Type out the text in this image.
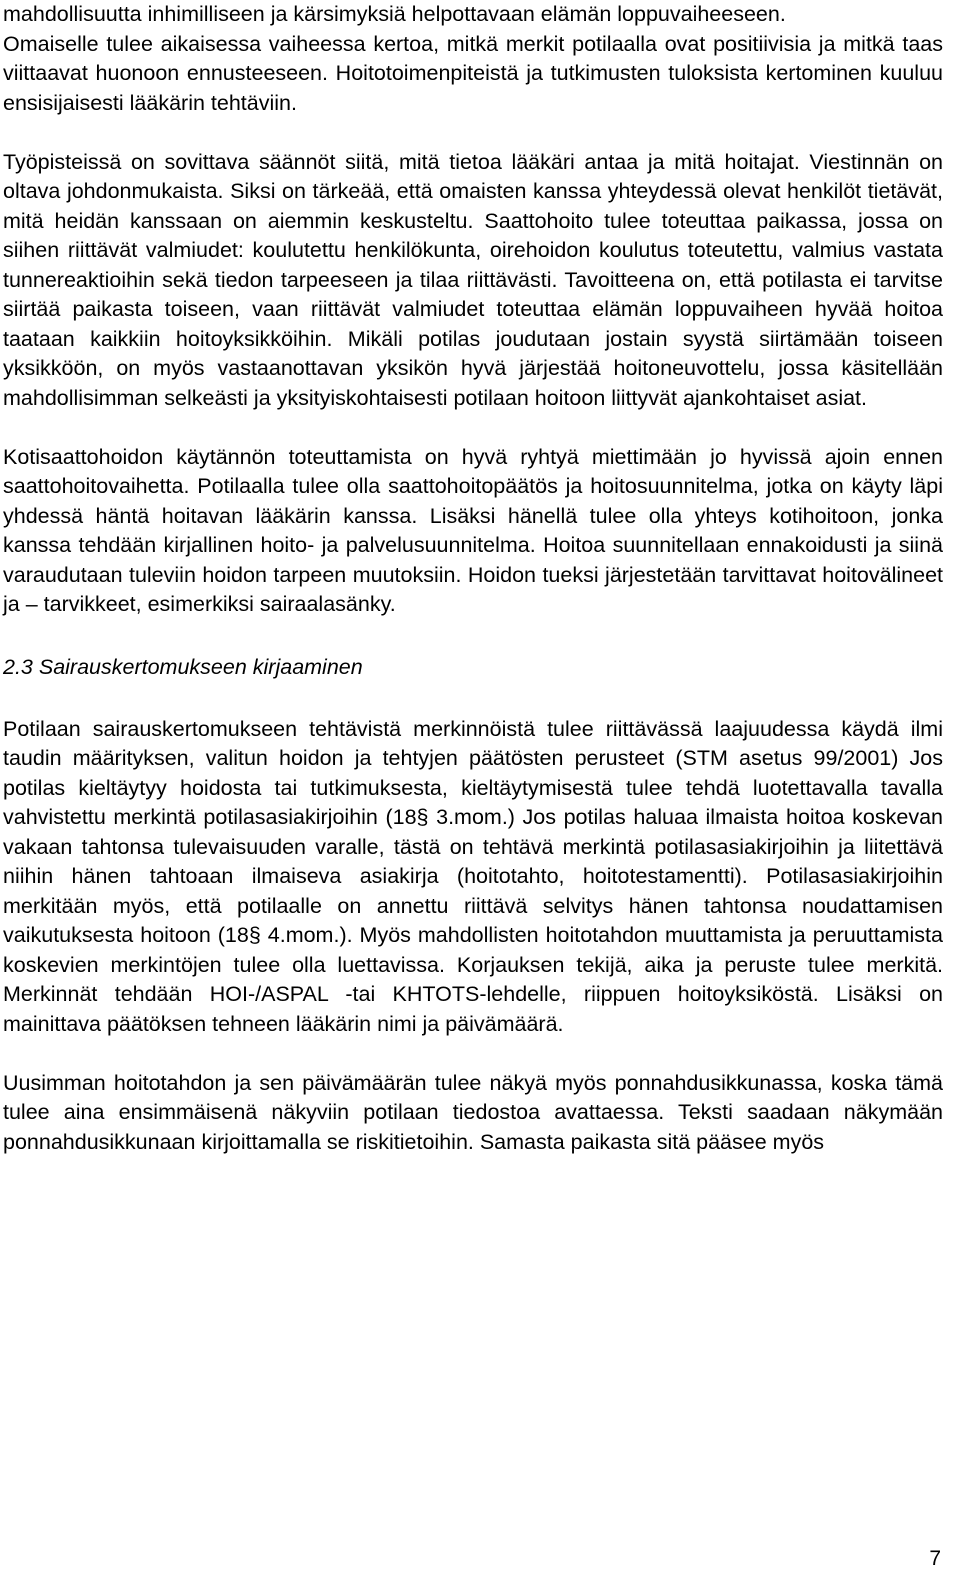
mahdollisuutta inhimilliseen ja kärsimyksiä helpottavaan elämän loppuvaiheeseen.

Omaiselle tulee aikaisessa vaiheessa kertoa, mitkä merkit potilaalla ovat positiivisia ja mitkä taas viittaavat huonoon ennusteeseen. Hoitotoimenpiteistä ja tutkimusten tuloksista kertominen kuuluu ensisijaisesti lääkärin tehtäviin.

Työpisteissä on sovittava säännöt siitä, mitä tietoa lääkäri antaa ja mitä hoitajat. Viestinnän on oltava johdonmukaista. Siksi on tärkeää, että omaisten kanssa yhteydessä olevat henkilöt tietävät, mitä heidän kanssaan on aiemmin keskusteltu. Saattohoito tulee toteuttaa paikassa, jossa on siihen riittävät valmiudet: koulutettu henkilökunta, oirehoidon koulutus toteutettu, valmius vastata tunnereaktioihin sekä tiedon tarpeeseen ja tilaa riittävästi. Tavoitteena on, että potilasta ei tarvitse siirtää paikasta toiseen, vaan riittävät valmiudet toteuttaa elämän loppuvaiheen hyvää hoitoa taataan kaikkiin hoitoyksikköihin. Mikäli potilas joudutaan jostain syystä siirtämään toiseen yksikköön, on myös vastaanottavan yksikön hyvä järjestää hoitoneuvottelu, jossa käsitellään mahdollisimman selkeästi ja yksityiskohtaisesti potilaan hoitoon liittyvät ajankohtaiset asiat.

Kotisaattohoidon käytännön toteuttamista on hyvä ryhtyä miettimään jo hyvissä ajoin ennen saattohoitovaihetta. Potilaalla tulee olla saattohoitopäätös ja hoitosuunnitelma, jotka on käyty läpi yhdessä häntä hoitavan lääkärin kanssa. Lisäksi hänellä tulee olla yhteys kotihoitoon, jonka kanssa tehdään kirjallinen hoito- ja palvelusuunnitelma. Hoitoa suunnitellaan ennakoidusti ja siinä varaudutaan tuleviin hoidon tarpeen muutoksiin. Hoidon tueksi järjestetään tarvittavat hoitovälineet ja – tarvikkeet, esimerkiksi sairaalasänky.

2.3 Sairauskertomukseen kirjaaminen

Potilaan sairauskertomukseen tehtävistä merkinnöistä tulee riittävässä laajuudessa käydä ilmi taudin määrityksen, valitun hoidon ja tehtyjen päätösten perusteet (STM asetus 99/2001) Jos potilas kieltäytyy hoidosta tai tutkimuksesta, kieltäytymisestä tulee tehdä luotettavalla tavalla vahvistettu merkintä potilasasiakirjoihin (18§ 3.mom.) Jos potilas haluaa ilmaista hoitoa koskevan vakaan tahtonsa tulevaisuuden varalle, tästä on tehtävä merkintä potilasasiakirjoihin ja liitettävä niihin hänen tahtoaan ilmaiseva asiakirja (hoitotahto, hoitotestamentti). Potilasasiakirjoihin merkitään myös, että potilaalle on annettu riittävä selvitys hänen tahtonsa noudattamisen vaikutuksesta hoitoon (18§ 4.mom.). Myös mahdollisten hoitotahdon muuttamista ja peruuttamista koskevien merkintöjen tulee olla luettavissa. Korjauksen tekijä, aika ja peruste tulee merkitä. Merkinnät tehdään HOI-/ASPAL -tai KHTOTS-lehdelle, riippuen hoitoyksiköstä. Lisäksi on mainittava päätöksen tehneen lääkärin nimi ja päivämäärä.

Uusimman hoitotahdon ja sen päivämäärän tulee näkyä myös ponnahdusikkunassa, koska tämä tulee aina ensimmäisenä näkyviin potilaan tiedostoa avattaessa. Teksti saadaan näkymään ponnahdusikkunaan kirjoittamalla se riskitietoihin. Samasta paikasta sitä pääsee myös

7
